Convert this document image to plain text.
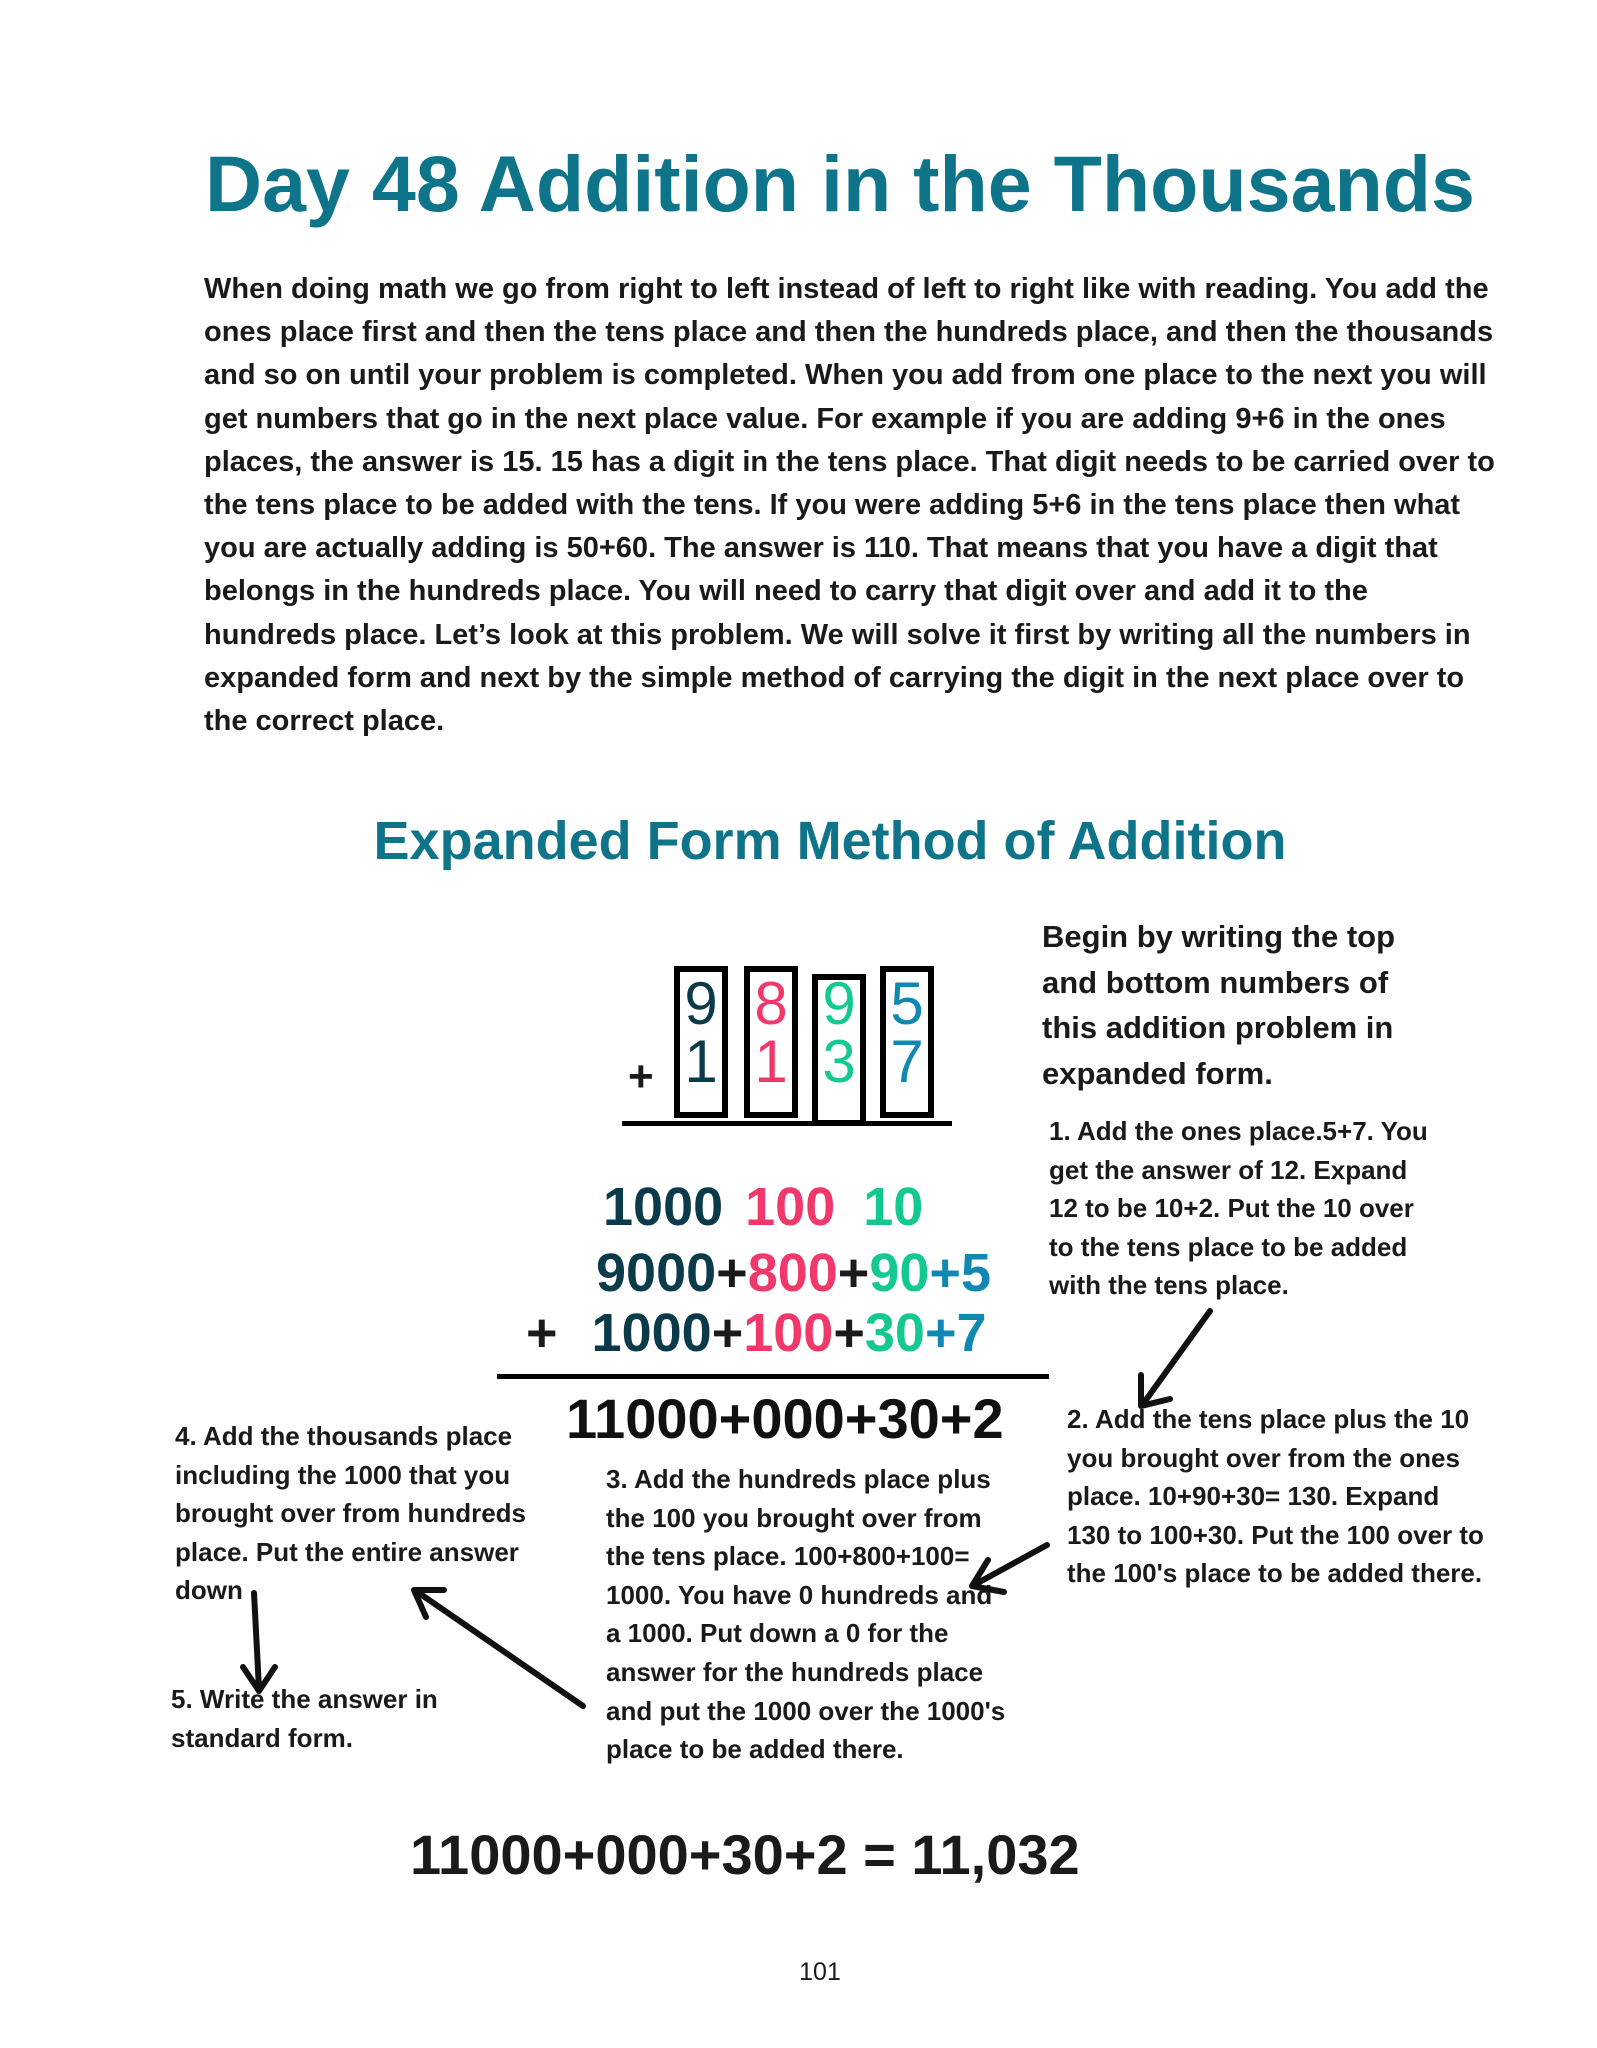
Day 48 Addition in the Thousands
When doing math we go from right to left instead of left to right like with reading. You add the ones place first and then the tens place and then the hundreds place, and then the thousands and so on until your problem is completed. When you add from one place to the next you will get numbers that go in the next place value. For example if you are adding 9+6 in the ones places, the answer is 15. 15 has a digit in the tens place. That digit needs to be carried over to the tens place to be added with the tens. If you were adding 5+6 in the tens place then what you are actually adding is 50+60. The answer is 110. That means that you have a digit that belongs in the hundreds place. You will need to carry that digit over and add it to the hundreds place. Let’s look at this problem. We will solve it first by writing all the numbers in expanded form and next by the simple method of carrying the digit in the next place over to the correct place.
Expanded Form Method of Addition
9 8 9 5
1 1 3 7
+
1000 100 10
9000+800+90+5
+ 1000+100+30+7
11000+000+30+2
Begin by writing the top and bottom numbers of this addition problem in expanded form.
1. Add the ones place.5+7. You get the answer of 12. Expand 12 to be 10+2. Put the 10 over to the tens place to be added with the tens place.
2. Add the tens place plus the 10 you brought over from the ones place. 10+90+30= 130. Expand 130 to 100+30. Put the 100 over to the 100's place to be added there.
3. Add the hundreds place plus the 100 you brought over from the tens place. 100+800+100= 1000. You have 0 hundreds and a 1000. Put down a 0 for the answer for the hundreds place and put the 1000 over the 1000's place to be added there.
4. Add the thousands place including the 1000 that you brought over from hundreds place. Put the entire answer down
5. Write the answer in standard form.
11000+000+30+2 = 11,032
101
